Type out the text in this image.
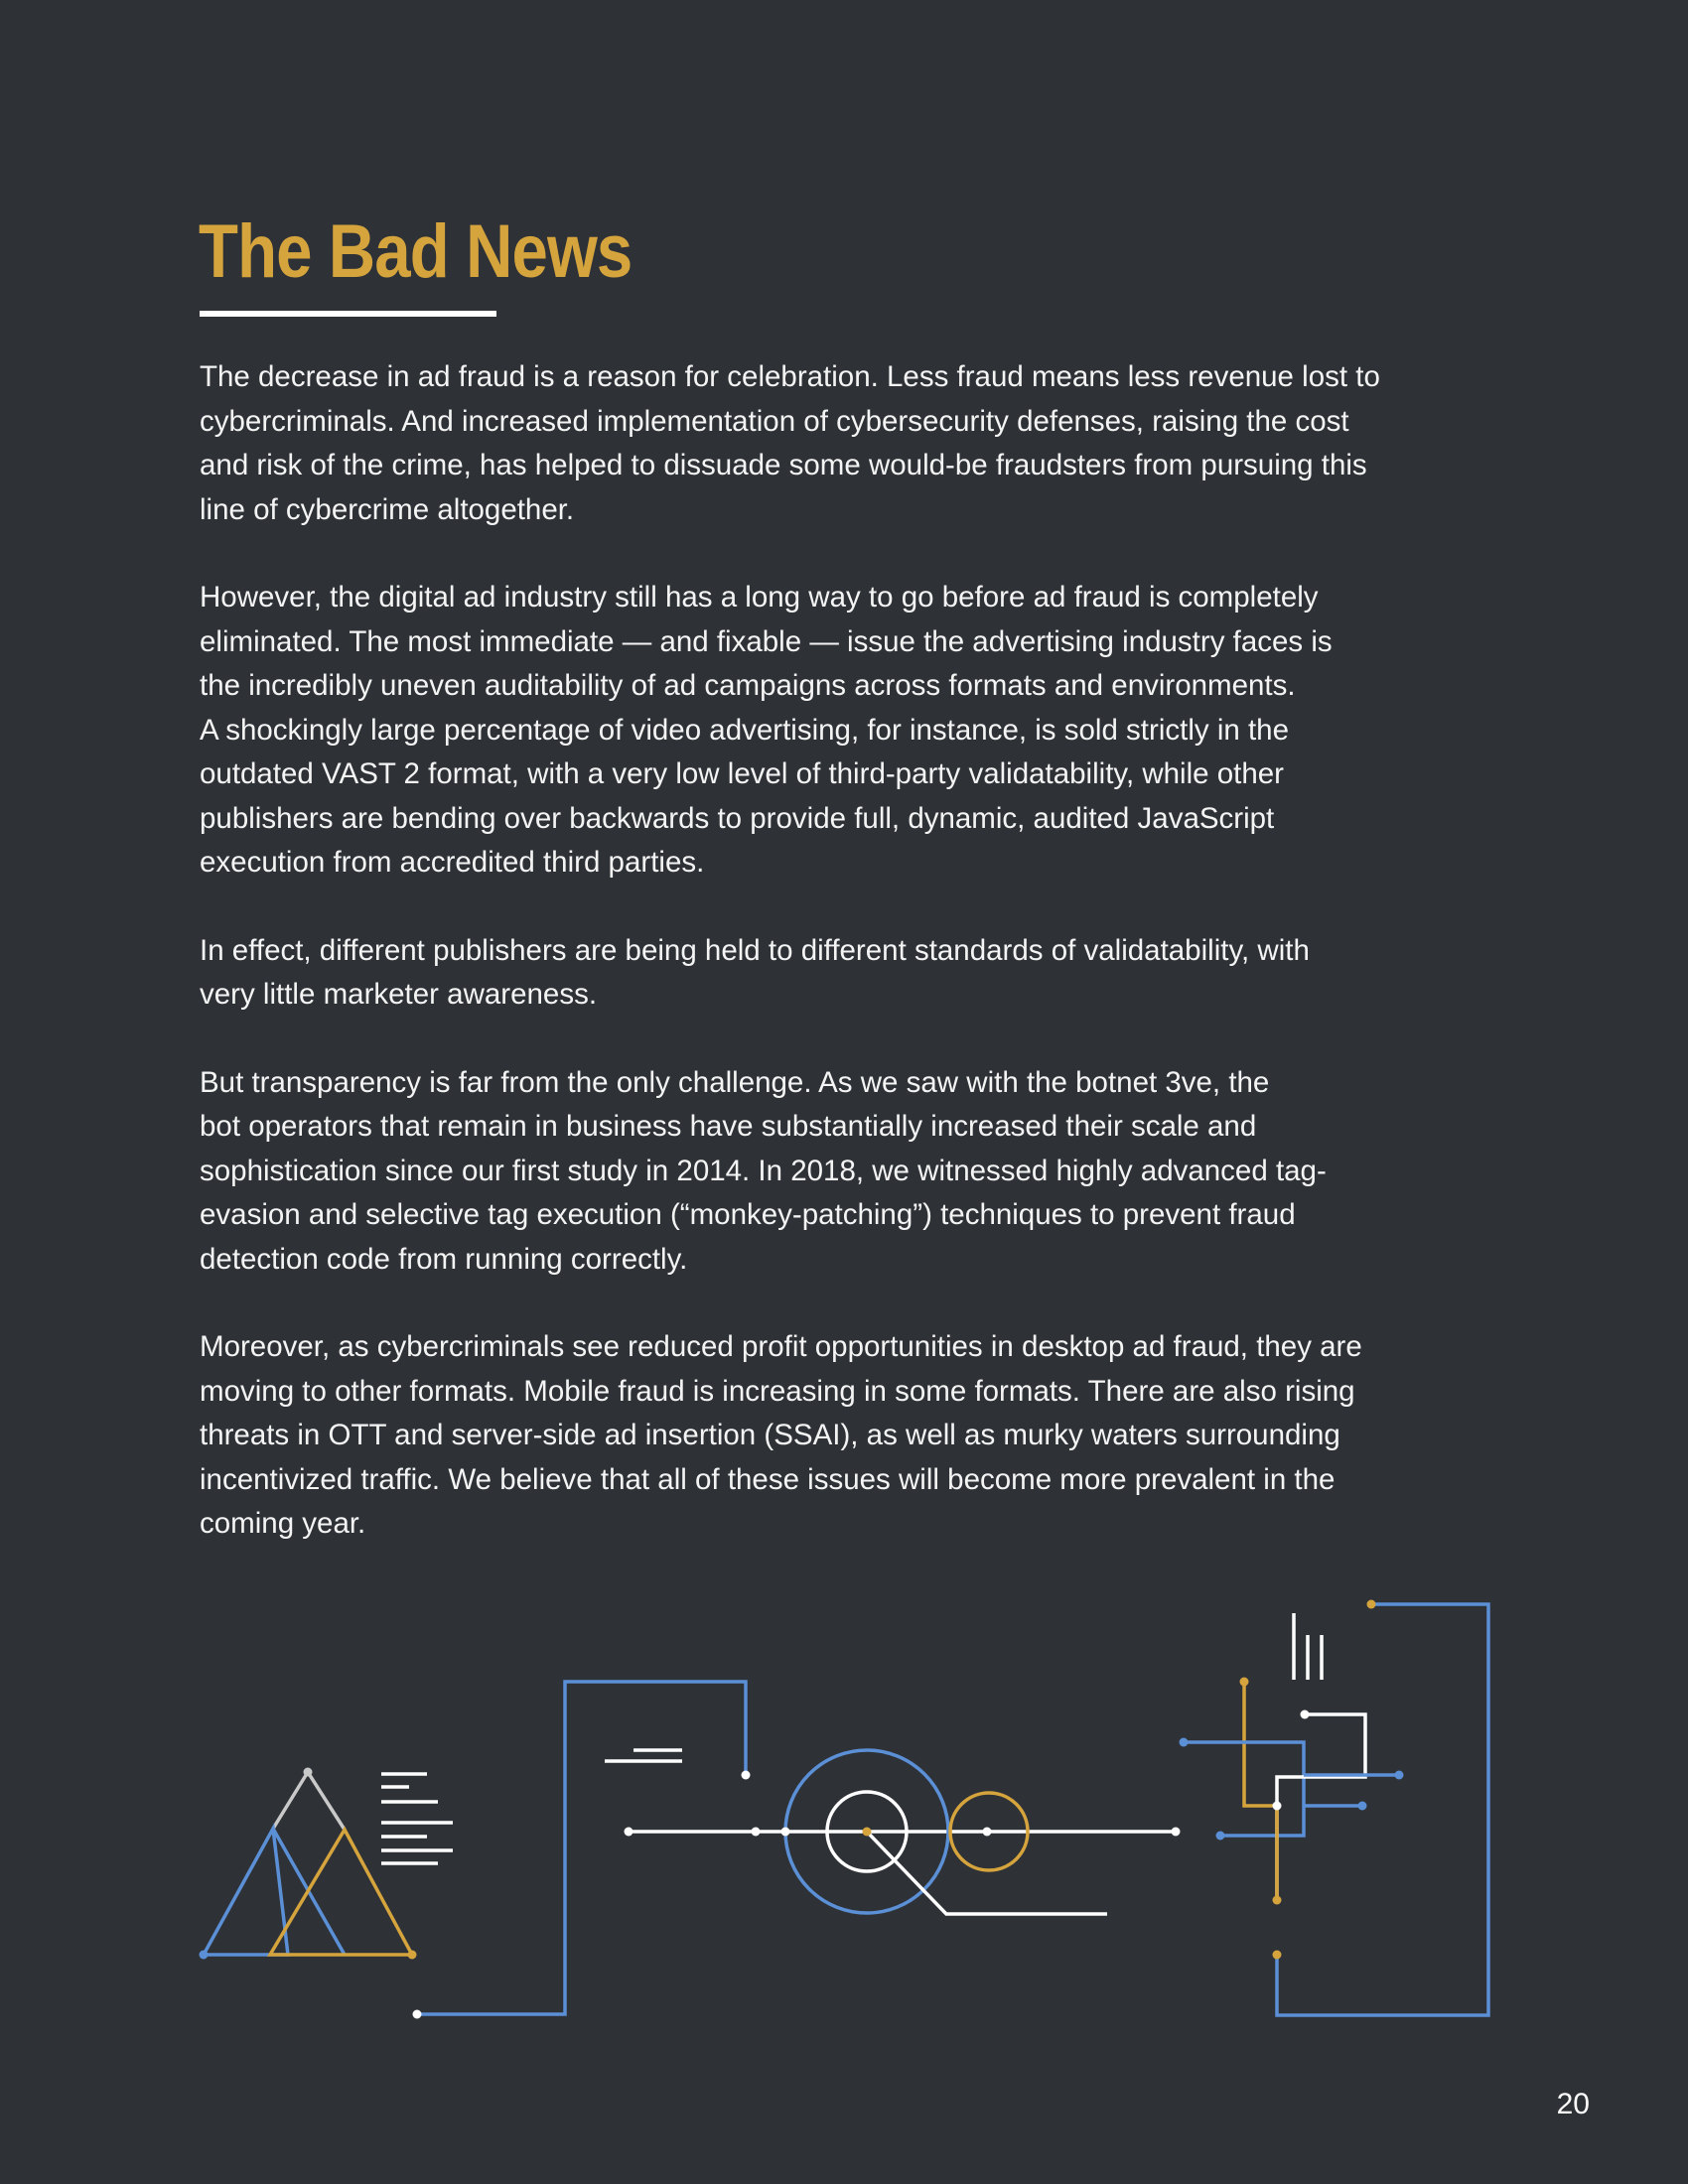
The Bad News

The decrease in ad fraud is a reason for celebration. Less fraud means less revenue lost to
cybercriminals. And increased implementation of cybersecurity defenses, raising the cost
and risk of the crime, has helped to dissuade some would-be fraudsters from pursuing this
line of cybercrime altogether.

However, the digital ad industry still has a long way to go before ad fraud is completely
eliminated. The most immediate — and fixable — issue the advertising industry faces is
the incredibly uneven auditability of ad campaigns across formats and environments.
A shockingly large percentage of video advertising, for instance, is sold strictly in the
outdated VAST 2 format, with a very low level of third-party validatability, while other
publishers are bending over backwards to provide full, dynamic, audited JavaScript
execution from accredited third parties.

In effect, different publishers are being held to different standards of validatability, with
very little marketer awareness.

But transparency is far from the only challenge. As we saw with the botnet 3ve, the
bot operators that remain in business have substantially increased their scale and
sophistication since our first study in 2014. In 2018, we witnessed highly advanced tag-
evasion and selective tag execution (“monkey-patching”) techniques to prevent fraud
detection code from running correctly.

Moreover, as cybercriminals see reduced profit opportunities in desktop ad fraud, they are
moving to other formats. Mobile fraud is increasing in some formats. There are also rising
threats in OTT and server-side ad insertion (SSAI), as well as murky waters surrounding
incentivized traffic. We believe that all of these issues will become more prevalent in the
coming year.

20
